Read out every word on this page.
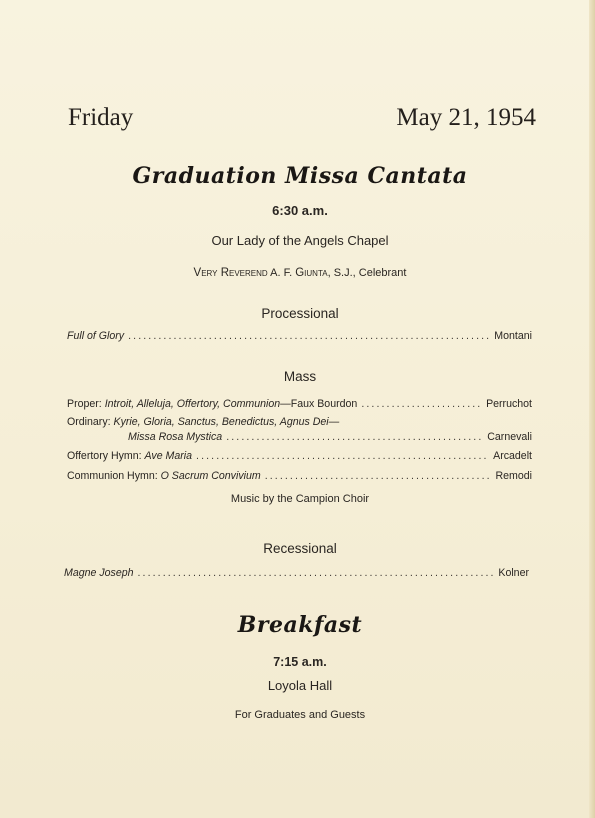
Friday	May 21, 1954
Graduation Missa Cantata
6:30 a.m.
Our Lady of the Angels Chapel
Very Reverend A. F. Giunta, S.J., Celebrant
Processional
Full of Glory .....	Montani
Mass
Proper:
Introit, Alleluja, Offertory, Communion —Faux Bourdon .....	Perruchot
Ordinary:
Kyrie, Gloria, Sanctus, Benedictus, Agnus Dei—
Missa Rosa Mystica .....	Carnevali
Offertory Hymn:
Ave Maria .....	Arcadelt
Communion Hymn:
O Sacrum Convivium .....	Remodi
Music by the Campion Choir
Recessional
Magne Joseph .....	Kolner
Breakfast
7:15 a.m.
Loyola Hall
For Graduates and Guests
